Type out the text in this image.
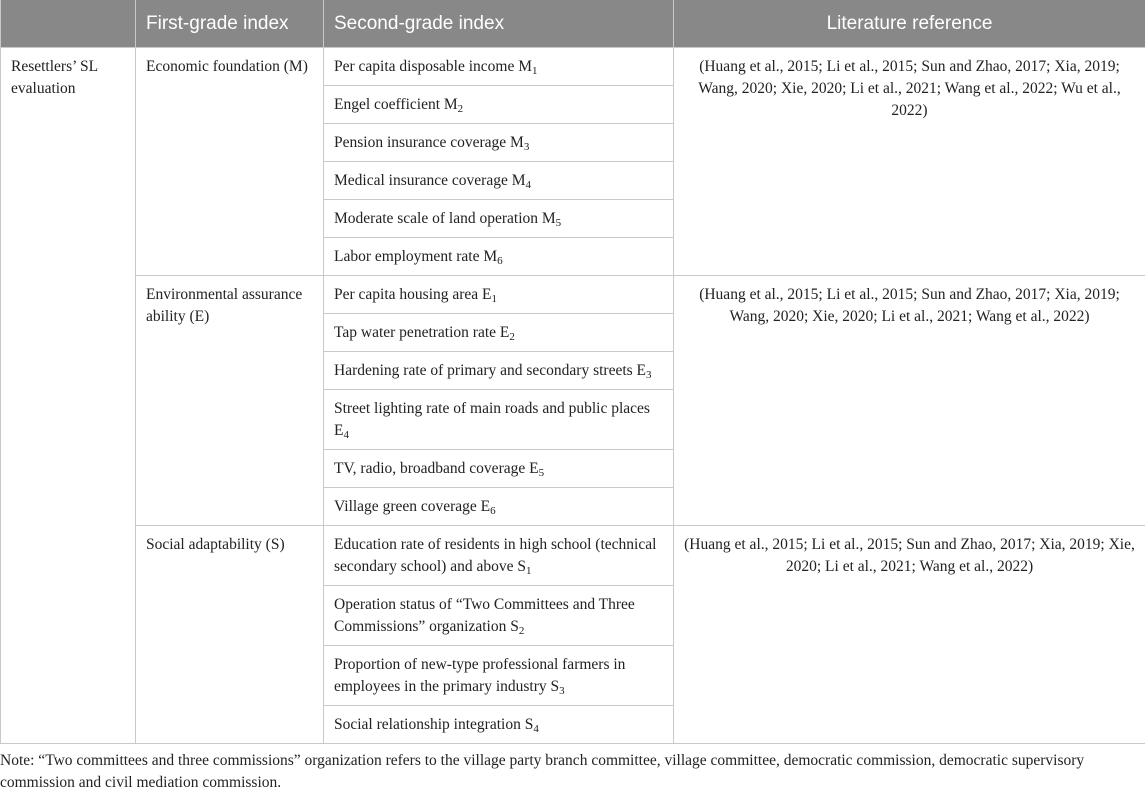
	First-grade index	Second-grade index	Literature reference
Resettlers’ SL evaluation	Economic foundation (M)	Per capita disposable income $M_1$	(Huang et al., 2015; Li et al., 2015; Sun and Zhao, 2017; Xia, 2019; Wang, 2020; Xie, 2020; Li et al., 2021; Wang et al., 2022; Wu et al., 2022)
		Engel coefficient $M_2$
		Pension insurance coverage $M_3$
		Medical insurance coverage $M_4$
		Moderate scale of land operation $M_5$
		Labor employment rate $M_6$
	Environmental assurance ability (E)	Per capita housing area $E_1$	(Huang et al., 2015; Li et al., 2015; Sun and Zhao, 2017; Xia, 2019; Wang, 2020; Xie, 2020; Li et al., 2021; Wang et al., 2022)
		Tap water penetration rate $E_2$
		Hardening rate of primary and secondary streets $E_3$
		Street lighting rate of main roads and public places $E_4$
		TV, radio, broadband coverage $E_5$
		Village green coverage $E_6$
	Social adaptability (S)	Education rate of residents in high school (technical secondary school) and above $S_1$	(Huang et al., 2015; Li et al., 2015; Sun and Zhao, 2017; Xia, 2019; Xie, 2020; Li et al., 2021; Wang et al., 2022)
		Operation status of “Two Committees and Three Commissions” organization $S_2$
		Proportion of new-type professional farmers in employees in the primary industry $S_3$
		Social relationship integration $S_4$
Note: “Two committees and three commissions” organization refers to the village party branch committee, village committee, democratic commission, democratic supervisory commission and civil mediation commission.
